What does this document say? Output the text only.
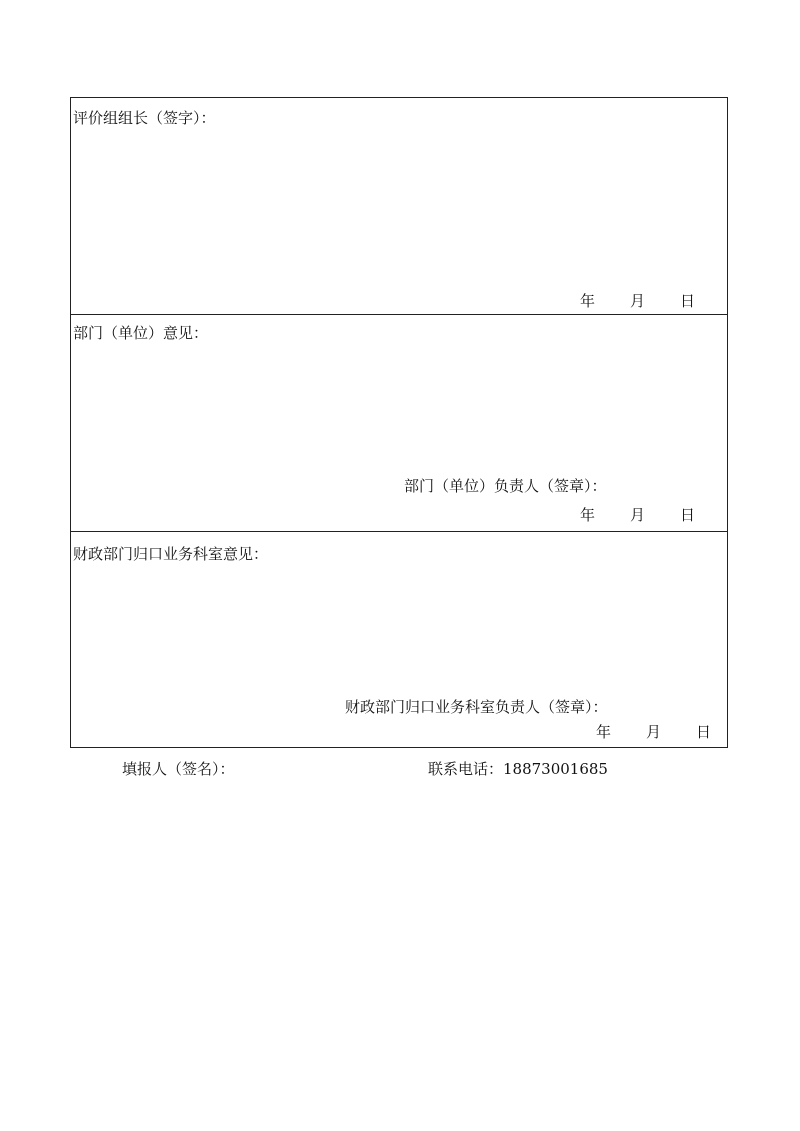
评价组组长（签字）：
年 月 日
部门（单位）意见：
部门（单位）负责人（签章）：
年 月 日
财政部门归口业务科室意见：
财政部门归口业务科室负责人（签章）：
年 月 日
填报人（签名）：	联系电话：18873001685
